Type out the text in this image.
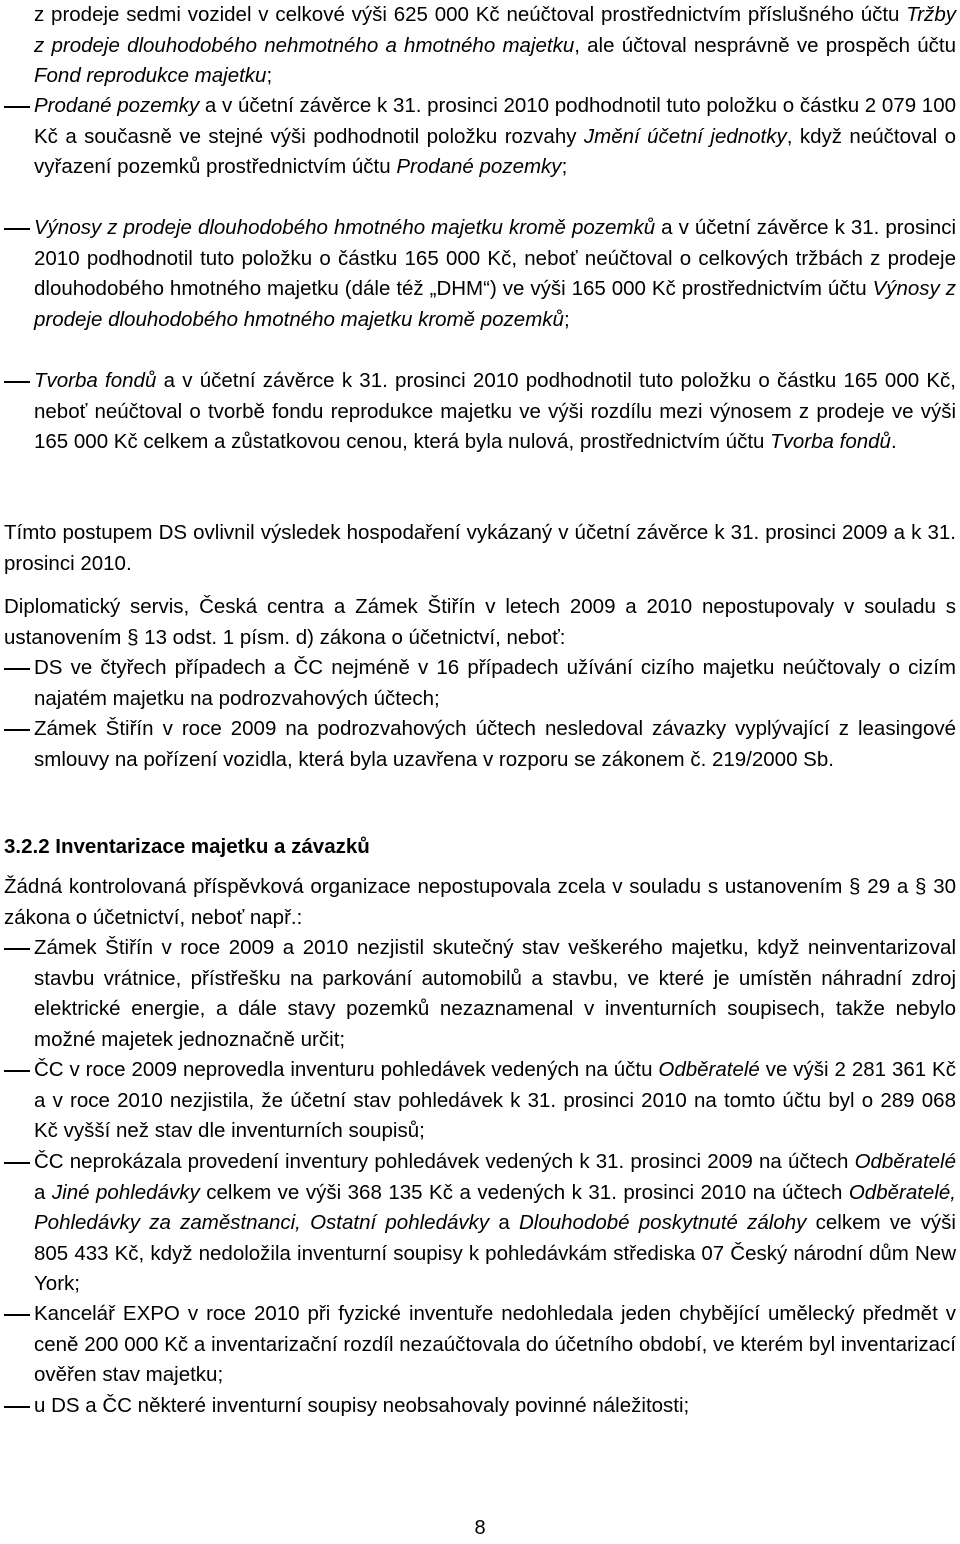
z prodeje sedmi vozidel v celkové výši 625 000 Kč neúčtoval prostřednictvím příslušného účtu Tržby z prodeje dlouhodobého nehmotného a hmotného majetku, ale účtoval nesprávně ve prospěch účtu Fond reprodukce majetku;

Prodané pozemky a v účetní závěrce k 31. prosinci 2010 podhodnotil tuto položku o částku 2 079 100 Kč a současně ve stejné výši podhodnotil položku rozvahy Jmění účetní jednotky, když neúčtoval o vyřazení pozemků prostřednictvím účtu Prodané pozemky;

Výnosy z prodeje dlouhodobého hmotného majetku kromě pozemků a v účetní závěrce k 31. prosinci 2010 podhodnotil tuto položku o částku 165 000 Kč, neboť neúčtoval o celkových tržbách z prodeje dlouhodobého hmotného majetku (dále též „DHM“) ve výši 165 000 Kč prostřednictvím účtu Výnosy z prodeje dlouhodobého hmotného majetku kromě pozemků;

Tvorba fondů a v účetní závěrce k 31. prosinci 2010 podhodnotil tuto položku o částku 165 000 Kč, neboť neúčtoval o tvorbě fondu reprodukce majetku ve výši rozdílu mezi výnosem z prodeje ve výši 165 000 Kč celkem a zůstatkovou cenou, která byla nulová, prostřednictvím účtu Tvorba fondů.

Tímto postupem DS ovlivnil výsledek hospodaření vykázaný v účetní závěrce k 31. prosinci 2009 a k 31. prosinci 2010.

Diplomatický servis, Česká centra a Zámek Štiřín v letech 2009 a 2010 nepostupovaly v souladu s ustanovením § 13 odst. 1 písm. d) zákona o účetnictví, neboť:

DS ve čtyřech případech a ČC nejméně v 16 případech užívání cizího majetku neúčtovaly o cizím najatém majetku na podrozvahových účtech;

Zámek Štiřín v roce 2009 na podrozvahových účtech nesledoval závazky vyplývající z leasingové smlouvy na pořízení vozidla, která byla uzavřena v rozporu se zákonem č. 219/2000 Sb.

3.2.2 Inventarizace majetku a závazků

Žádná kontrolovaná příspěvková organizace nepostupovala zcela v souladu s ustanovením § 29 a § 30 zákona o účetnictví, neboť např.:

Zámek Štiřín v roce 2009 a 2010 nezjistil skutečný stav veškerého majetku, když neinventarizoval stavbu vrátnice, přístřešku na parkování automobilů a stavbu, ve které je umístěn náhradní zdroj elektrické energie, a dále stavy pozemků nezaznamenal v inventurních soupisech, takže nebylo možné majetek jednoznačně určit;

ČC v roce 2009 neprovedla inventuru pohledávek vedených na účtu Odběratelé ve výši 2 281 361 Kč a v roce 2010 nezjistila, že účetní stav pohledávek k 31. prosinci 2010 na tomto účtu byl o 289 068 Kč vyšší než stav dle inventurních soupisů;

ČC neprokázala provedení inventury pohledávek vedených k 31. prosinci 2009 na účtech Odběratelé a Jiné pohledávky celkem ve výši 368 135 Kč a vedených k 31. prosinci 2010 na účtech Odběratelé, Pohledávky za zaměstnanci, Ostatní pohledávky a Dlouhodobé poskytnuté zálohy celkem ve výši 805 433 Kč, když nedoložila inventurní soupisy k pohledávkám střediska 07 Český národní dům New York;

Kancelář EXPO v roce 2010 při fyzické inventuře nedohledala jeden chybějící umělecký předmět v ceně 200 000 Kč a inventarizační rozdíl nezaúčtovala do účetního období, ve kterém byl inventarizací ověřen stav majetku;

u DS a ČC některé inventurní soupisy neobsahovaly povinné náležitosti;

8
